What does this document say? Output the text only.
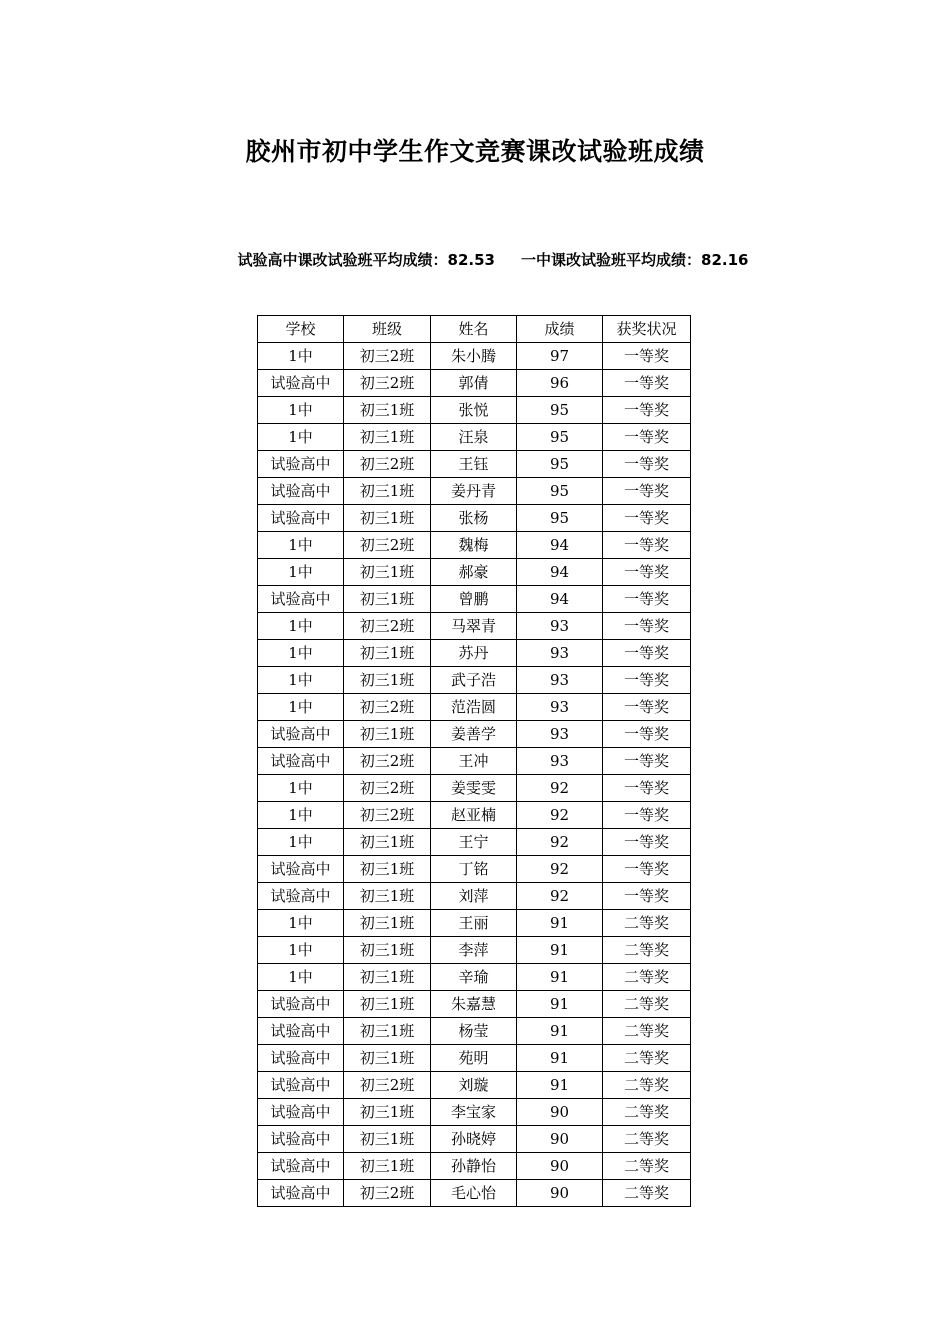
胶州市初中学生作文竞赛课改试验班成绩
试验高中课改试验班平均成绩：82.53 一中课改试验班平均成绩：82.16
学校	班级	姓名	成绩	获奖状况
1中	初三2班	朱小腾	97	一等奖
试验高中	初三2班	郭倩	96	一等奖
1中	初三1班	张悦	95	一等奖
1中	初三1班	汪泉	95	一等奖
试验高中	初三2班	王钰	95	一等奖
试验高中	初三1班	姜丹青	95	一等奖
试验高中	初三1班	张杨	95	一等奖
1中	初三2班	魏梅	94	一等奖
1中	初三1班	郝豪	94	一等奖
试验高中	初三1班	曾鹏	94	一等奖
1中	初三2班	马翠青	93	一等奖
1中	初三1班	苏丹	93	一等奖
1中	初三1班	武子浩	93	一等奖
1中	初三2班	范浩圆	93	一等奖
试验高中	初三1班	姜善学	93	一等奖
试验高中	初三2班	王冲	93	一等奖
1中	初三2班	姜雯雯	92	一等奖
1中	初三2班	赵亚楠	92	一等奖
1中	初三1班	王宁	92	一等奖
试验高中	初三1班	丁铭	92	一等奖
试验高中	初三1班	刘萍	92	一等奖
1中	初三1班	王丽	91	二等奖
1中	初三1班	李萍	91	二等奖
1中	初三1班	辛瑜	91	二等奖
试验高中	初三1班	朱嘉慧	91	二等奖
试验高中	初三1班	杨莹	91	二等奖
试验高中	初三1班	苑明	91	二等奖
试验高中	初三2班	刘璇	91	二等奖
试验高中	初三1班	李宝家	90	二等奖
试验高中	初三1班	孙晓婷	90	二等奖
试验高中	初三1班	孙静怡	90	二等奖
试验高中	初三2班	毛心怡	90	二等奖
